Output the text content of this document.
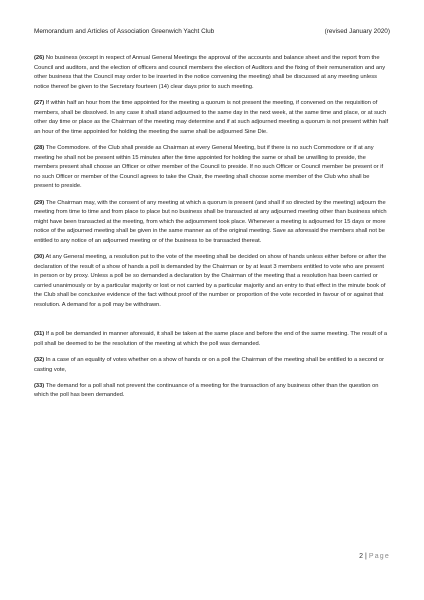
Memorandum and Articles of Association Greenwich Yacht Club	(revised January 2020)

(26) No business (except in respect of Annual General Meetings the approval of the accounts and balance sheet and the report from the Council and auditors, and the election of officers and council members the election of Auditors and the fixing of their remuneration and any other business that the Council may order to be inserted in the notice convening the meeting) shall be discussed at any meeting unless notice thereof be given to the Secretary fourteen (14) clear days prior to such meeting.

(27) If within half an hour from the time appointed for the meeting a quorum is not present the meeting, if convened on the requisition of members, shall be dissolved. In any case it shall stand adjourned to the same day in the next week, at the same time and place, or at such other day time or place as the Chairman of the meeting may determine and if at such adjourned meeting a quorum is not present within half an hour of the time appointed for holding the meeting the same shall be adjourned Sine Die.

(28) The Commodore. of the Club shall preside as Chairman at every General Meeting, but if there is no such Commodore or if at any meeting he shall not be present within 15 minutes after the time appointed for holding the same or shall be unwilling to preside, the members present shall choose an Officer or other member of the Council to preside. If no such Officer or Council member be present or if no such Officer or member of the Council agrees to take the Chair, the meeting shall choose some member of the Club who shall be present to preside.

(29) The Chairman may, with the consent of any meeting at which a quorum is present (and shall if so directed by the meeting) adjourn the meeting from time to time and from place to place but no business shall be transacted at any adjourned meeting other than business which might have been transacted at the meeting, from which the adjournment took place. Whenever a meeting is adjourned for 15 days or more notice of the adjourned meeting shall be given in the same manner as of the original meeting. Save as aforesaid the members shall not be entitled to any notice of an adjourned meeting or of the business to be transacted thereat.

(30) At any General meeting, a resolution put to the vote of the meeting shall be decided on show of hands unless either before or after the declaration of the result of a show of hands a poll is demanded by the Chairman or by at least 3 members entitled to vote who are present in person or by proxy. Unless a poll be so demanded a declaration by the Chairman of the meeting that a resolution has been carried or carried unanimously or by a particular majority or lost or not carried by a particular majority and an entry to that effect in the minute book of the Club shall be conclusive evidence of the fact without proof of the number or proportion of the vote recorded in favour of or against that resolution. A demand for a poll may be withdrawn.

(31) If a poll be demanded in manner aforesaid, it shall be taken at the same place and before the end of the same meeting. The result of a poll shall be deemed to be the resolution of the meeting at which the poll was demanded.

(32) In a case of an equality of votes whether on a show of hands or on a poll the Chairman of the meeting shall be entitled to a second or casting vote,

(33) The demand for a poll shall not prevent the continuance of a meeting for the transaction of any business other than the question on which the poll has been demanded.

2 | Page
